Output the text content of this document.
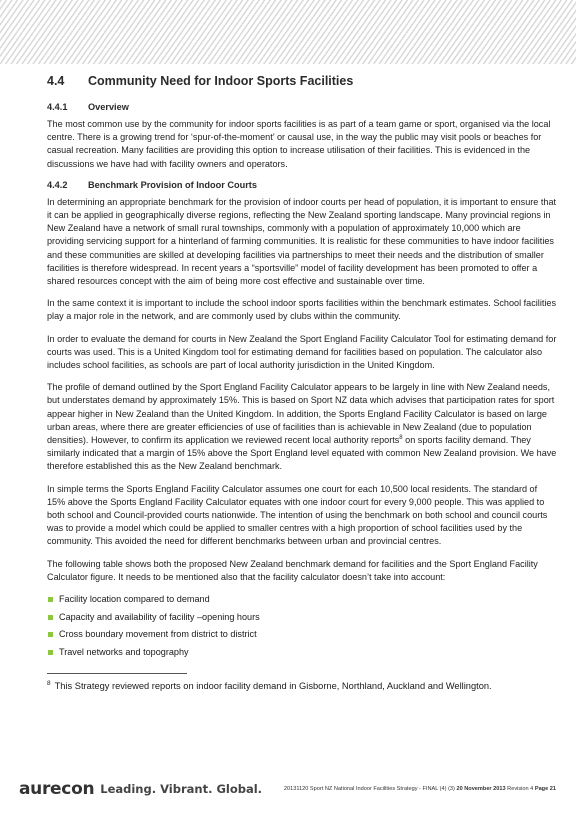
4.4	Community Need for Indoor Sports Facilities
4.4.1	Overview

The most common use by the community for indoor sports facilities is as part of a team game or sport, organised via the local centre. There is a growing trend for ‘spur-of-the-moment’ or causal use, in the way the public may visit pools or beaches for casual recreation. Many facilities are providing this option to increase utilisation of their facilities. This is evidenced in the discussions we have had with facility owners and operators.

4.4.2	Benchmark Provision of Indoor Courts

In determining an appropriate benchmark for the provision of indoor courts per head of population, it is important to ensure that it can be applied in geographically diverse regions, reflecting the New Zealand sporting landscape. Many provincial regions in New Zealand have a network of small rural townships, commonly with a population of approximately 10,000 which are providing servicing support for a hinterland of farming communities. It is realistic for these communities to have indoor facilities and these communities are skilled at developing facilities via partnerships to meet their needs and the distribution of smaller facilities is therefore widespread. In recent years a “sportsville” model of facility development has been promoted to offer a shared resources concept with the aim of being more cost effective and sustainable over time.

In the same context it is important to include the school indoor sports facilities within the benchmark estimates. School facilities play a major role in the network, and are commonly used by clubs within the community.

In order to evaluate the demand for courts in New Zealand the Sport England Facility Calculator Tool for estimating demand for courts was used. This is a United Kingdom tool for estimating demand for facilities based on population. The calculator also includes school facilities, as schools are part of local authority jurisdiction in the United Kingdom.

The profile of demand outlined by the Sport England Facility Calculator appears to be largely in line with New Zealand needs, but understates demand by approximately 15%. This is based on Sport NZ data which advises that participation rates for sport appear higher in New Zealand than the United Kingdom. In addition, the Sports England Facility Calculator is based on large urban areas, where there are greater efficiencies of use of facilities than is achievable in New Zealand (due to population densities). However, to confirm its application we reviewed recent local authority reports$^8$ on sports facility demand. They similarly indicated that a margin of 15% above the Sport England level equated with common New Zealand provision. We have therefore established this as the New Zealand benchmark.

In simple terms the Sports England Facility Calculator assumes one court for each 10,500 local residents. The standard of 15% above the Sports England Facility Calculator equates with one indoor court for every 9,000 people. This was applied to both school and Council-provided courts nationwide. The intention of using the benchmark on both school and council courts was to provide a model which could be applied to smaller centres with a high proportion of school facilities used by the community. This avoided the need for different benchmarks between urban and provincial centres.

The following table shows both the proposed New Zealand benchmark demand for facilities and the Sport England Facility Calculator figure. It needs to be mentioned also that the facility calculator doesn’t take into account:

Facility location compared to demand
Capacity and availability of facility –opening hours
Cross boundary movement from district to district
Travel networks and topography
8 This Strategy reviewed reports on indoor facility demand in Gisborne, Northland, Auckland and Wellington.
aurecon Leading. Vibrant. Global.	20131120 Sport NZ National Indoor Facilities Strategy - FINAL (4) (3) 20 November 2013 Revision 4 Page 21
